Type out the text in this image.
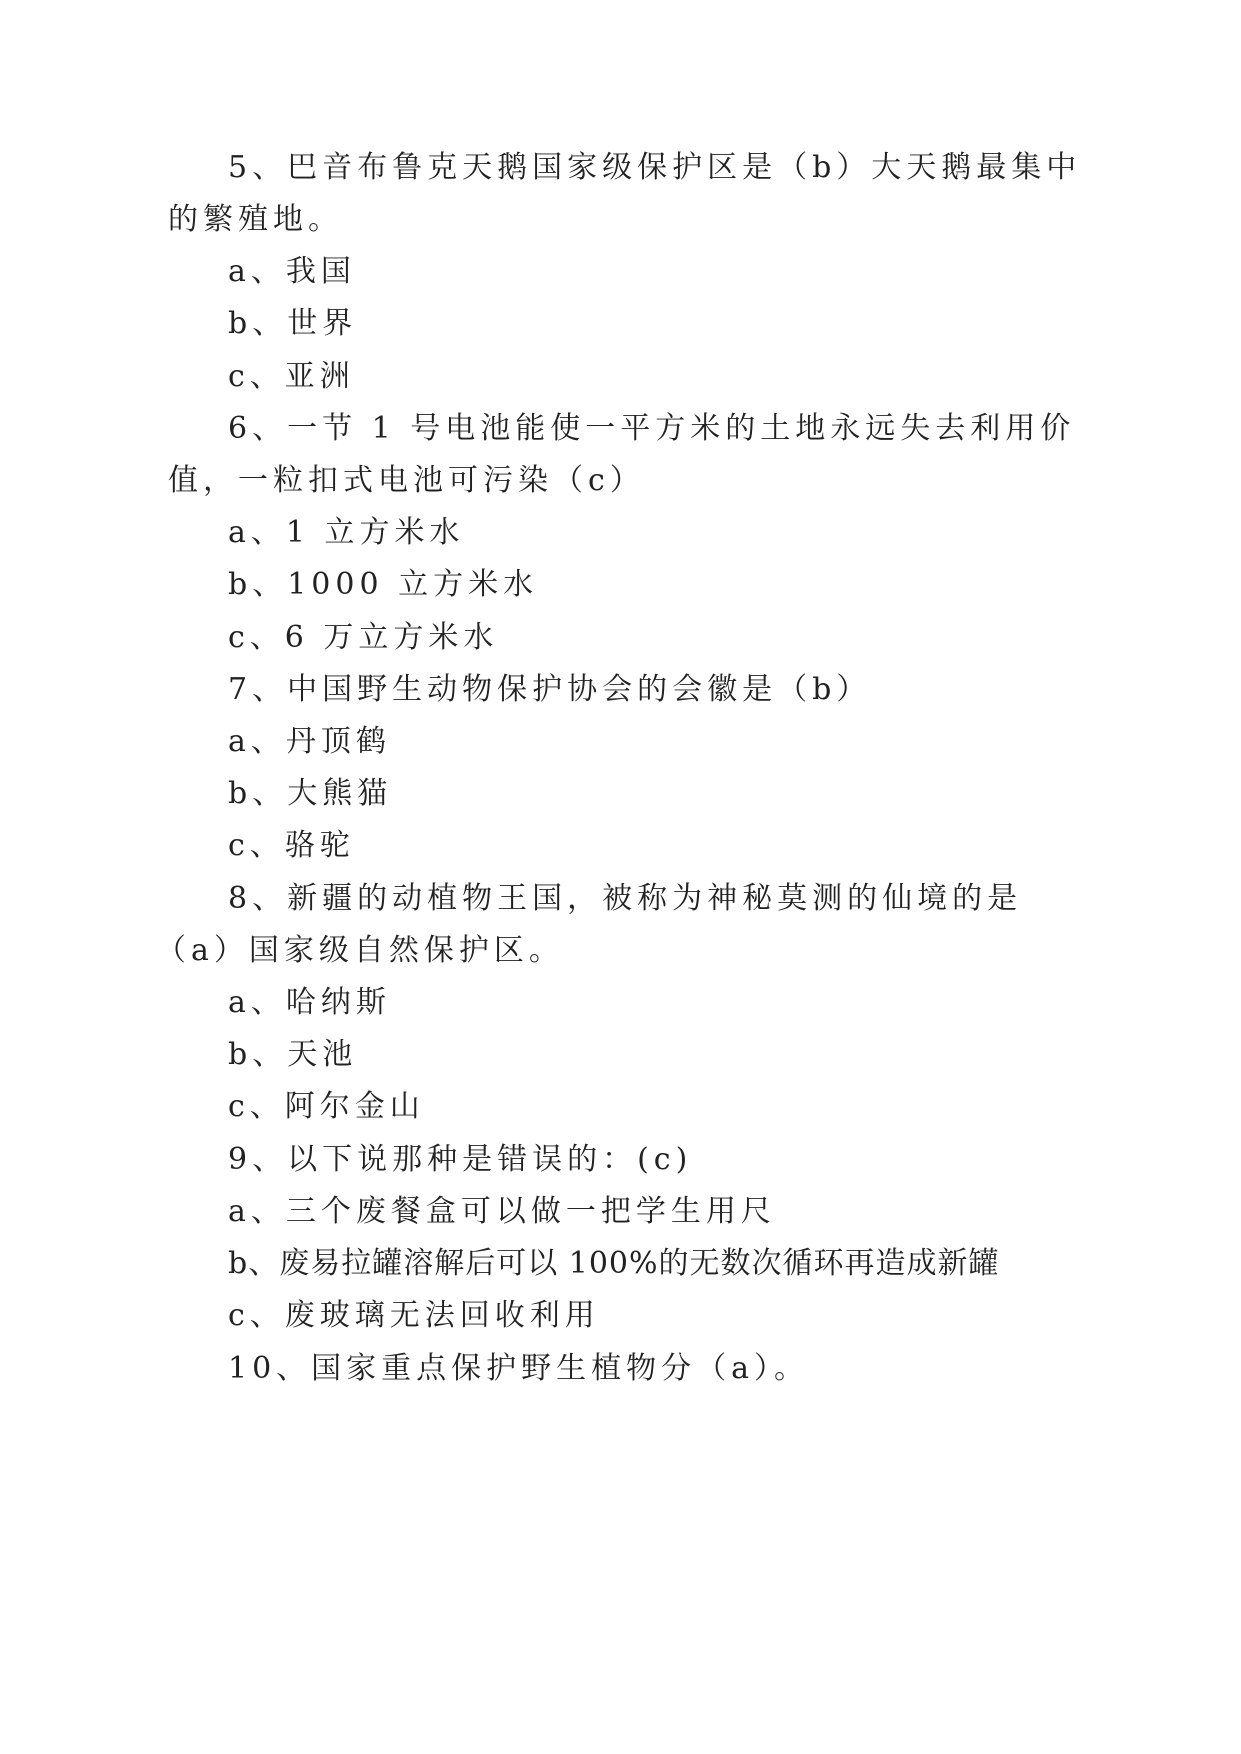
5、巴音布鲁克天鹅国家级保护区是（b）大天鹅最集中
的繁殖地。
a、我国
b、世界
c、亚洲
6、一节 1 号电池能使一平方米的土地永远失去利用价
值，一粒扣式电池可污染（c）
a、1 立方米水
b、1000 立方米水
c、6 万立方米水
7、中国野生动物保护协会的会徽是（b）
a、丹顶鹤
b、大熊猫
c、骆驼
8、新疆的动植物王国，被称为神秘莫测的仙境的是
（a）国家级自然保护区。
a、哈纳斯
b、天池
c、阿尔金山
9、以下说那种是错误的：(c)
a、三个废餐盒可以做一把学生用尺
b、废易拉罐溶解后可以 100%的无数次循环再造成新罐
c、废玻璃无法回收利用
10、国家重点保护野生植物分（a）。
